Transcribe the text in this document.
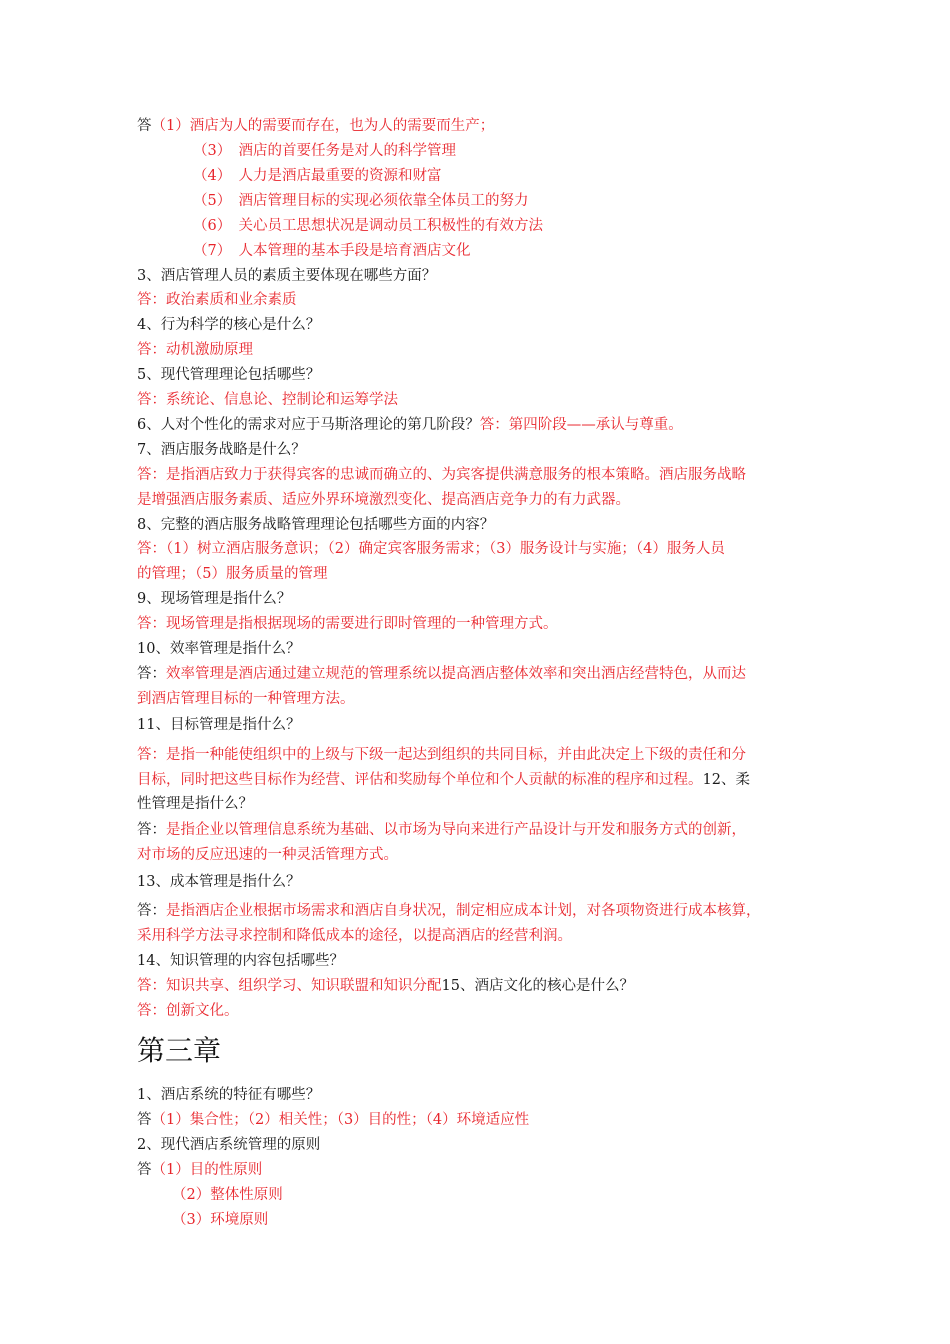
答（1）酒店为人的需要而存在，也为人的需要而生产；
（3）　酒店的首要任务是对人的科学管理
（4）　人力是酒店最重要的资源和财富
（5）　酒店管理目标的实现必须依靠全体员工的努力
（6）　关心员工思想状况是调动员工积极性的有效方法
（7）　人本管理的基本手段是培育酒店文化
3、酒店管理人员的素质主要体现在哪些方面？
答：政治素质和业余素质
4、行为科学的核心是什么？
答：动机激励原理
5、现代管理理论包括哪些？
答：系统论、信息论、控制论和运筹学法
6、人对个性化的需求对应于马斯洛理论的第几阶段？答：第四阶段——承认与尊重。
7、酒店服务战略是什么？
答：是指酒店致力于获得宾客的忠诚而确立的、为宾客提供满意服务的根本策略。酒店服务战略
是增强酒店服务素质、适应外界环境激烈变化、提高酒店竞争力的有力武器。
8、完整的酒店服务战略管理理论包括哪些方面的内容？
答：（1）树立酒店服务意识；（2）确定宾客服务需求；（3）服务设计与实施；（4）服务人员
的管理；（5）服务质量的管理
9、现场管理是指什么？
答：现场管理是指根据现场的需要进行即时管理的一种管理方式。
10、效率管理是指什么？
答：效率管理是酒店通过建立规范的管理系统以提高酒店整体效率和突出酒店经营特色，从而达
到酒店管理目标的一种管理方法。
11、目标管理是指什么？
答：是指一种能使组织中的上级与下级一起达到组织的共同目标，并由此决定上下级的责任和分
目标，同时把这些目标作为经营、评估和奖励每个单位和个人贡献的标准的程序和过程。12、柔
性管理是指什么？
答：是指企业以管理信息系统为基础、以市场为导向来进行产品设计与开发和服务方式的创新，
对市场的反应迅速的一种灵活管理方式。
13、成本管理是指什么？
答：是指酒店企业根据市场需求和酒店自身状况，制定相应成本计划，对各项物资进行成本核算，
采用科学方法寻求控制和降低成本的途径，以提高酒店的经营利润。
14、知识管理的内容包括哪些？
答：知识共享、组织学习、知识联盟和知识分配15、酒店文化的核心是什么？
答：创新文化。
第三章
1、酒店系统的特征有哪些？
答（1）集合性；（2）相关性；（3）目的性；（4）环境适应性
2、现代酒店系统管理的原则
答（1）目的性原则
（2）整体性原则
（3）环境原则
